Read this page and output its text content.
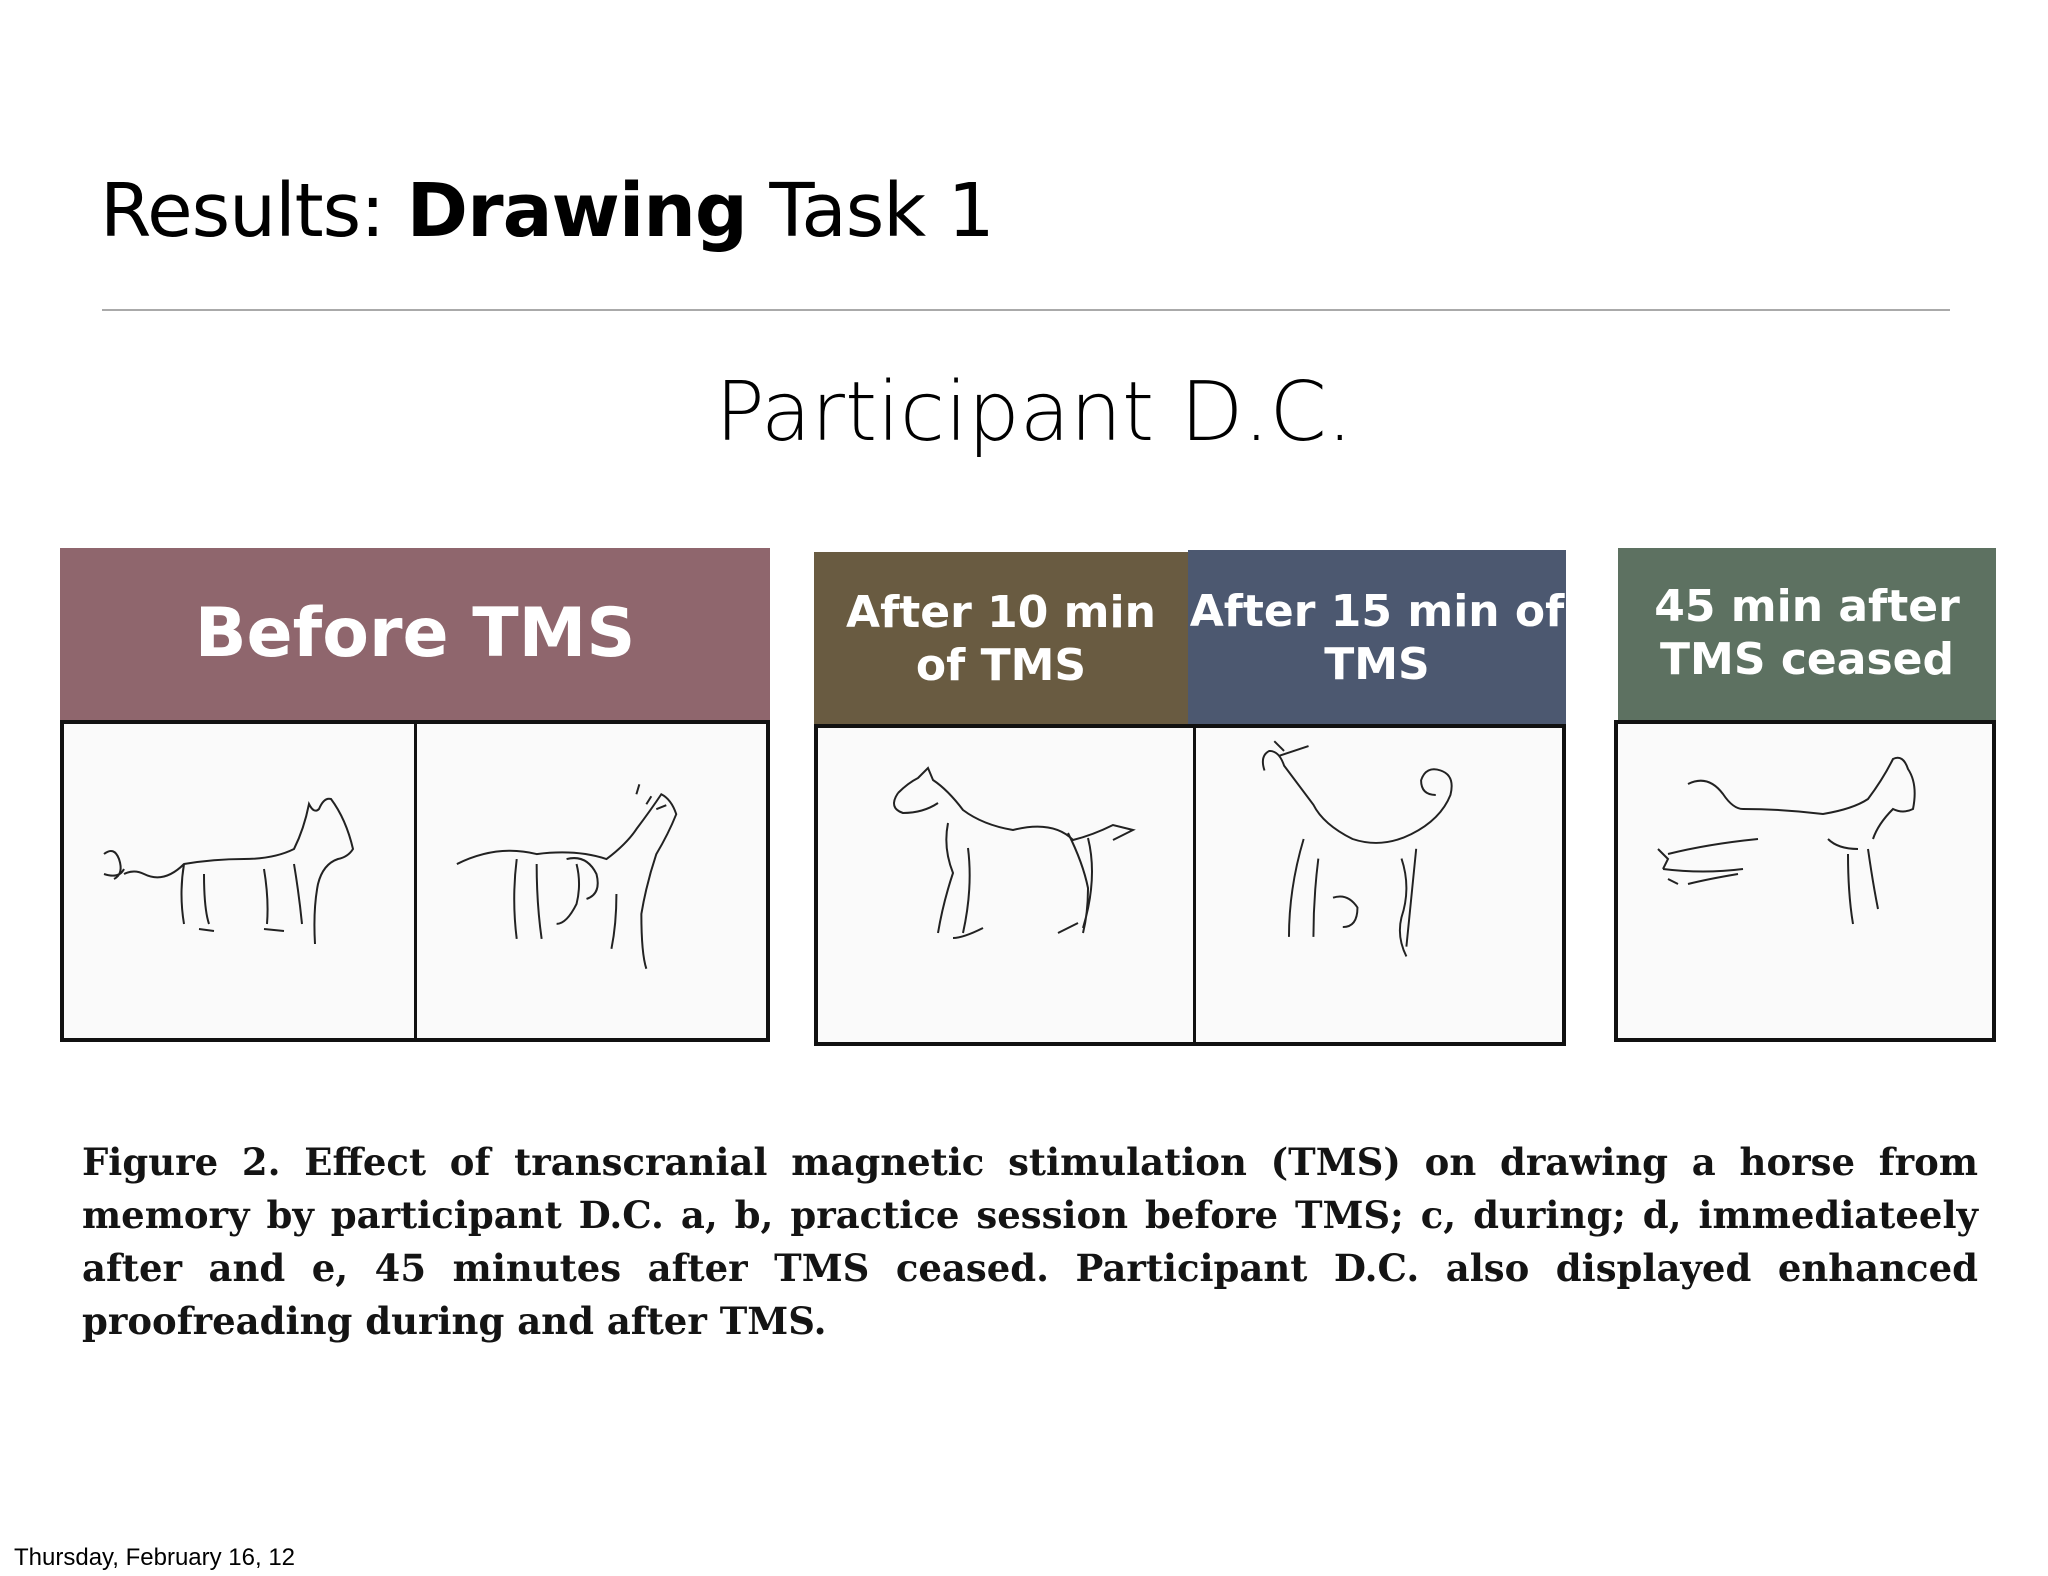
Results: Drawing Task 1
Participant D.C.
Before TMS	After 10 min of TMS
After 15 min of TMS
45 min after TMS ceased
Figure 2. Effect of transcranial magnetic stimulation (TMS) on drawing a horse from memory by participant D.C. a, b, practice session before TMS; c, during; d, immediateely after and e, 45 minutes after TMS ceased. Participant D.C. also displayed enhanced proofreading during and after TMS.
Thursday, February 16, 12
